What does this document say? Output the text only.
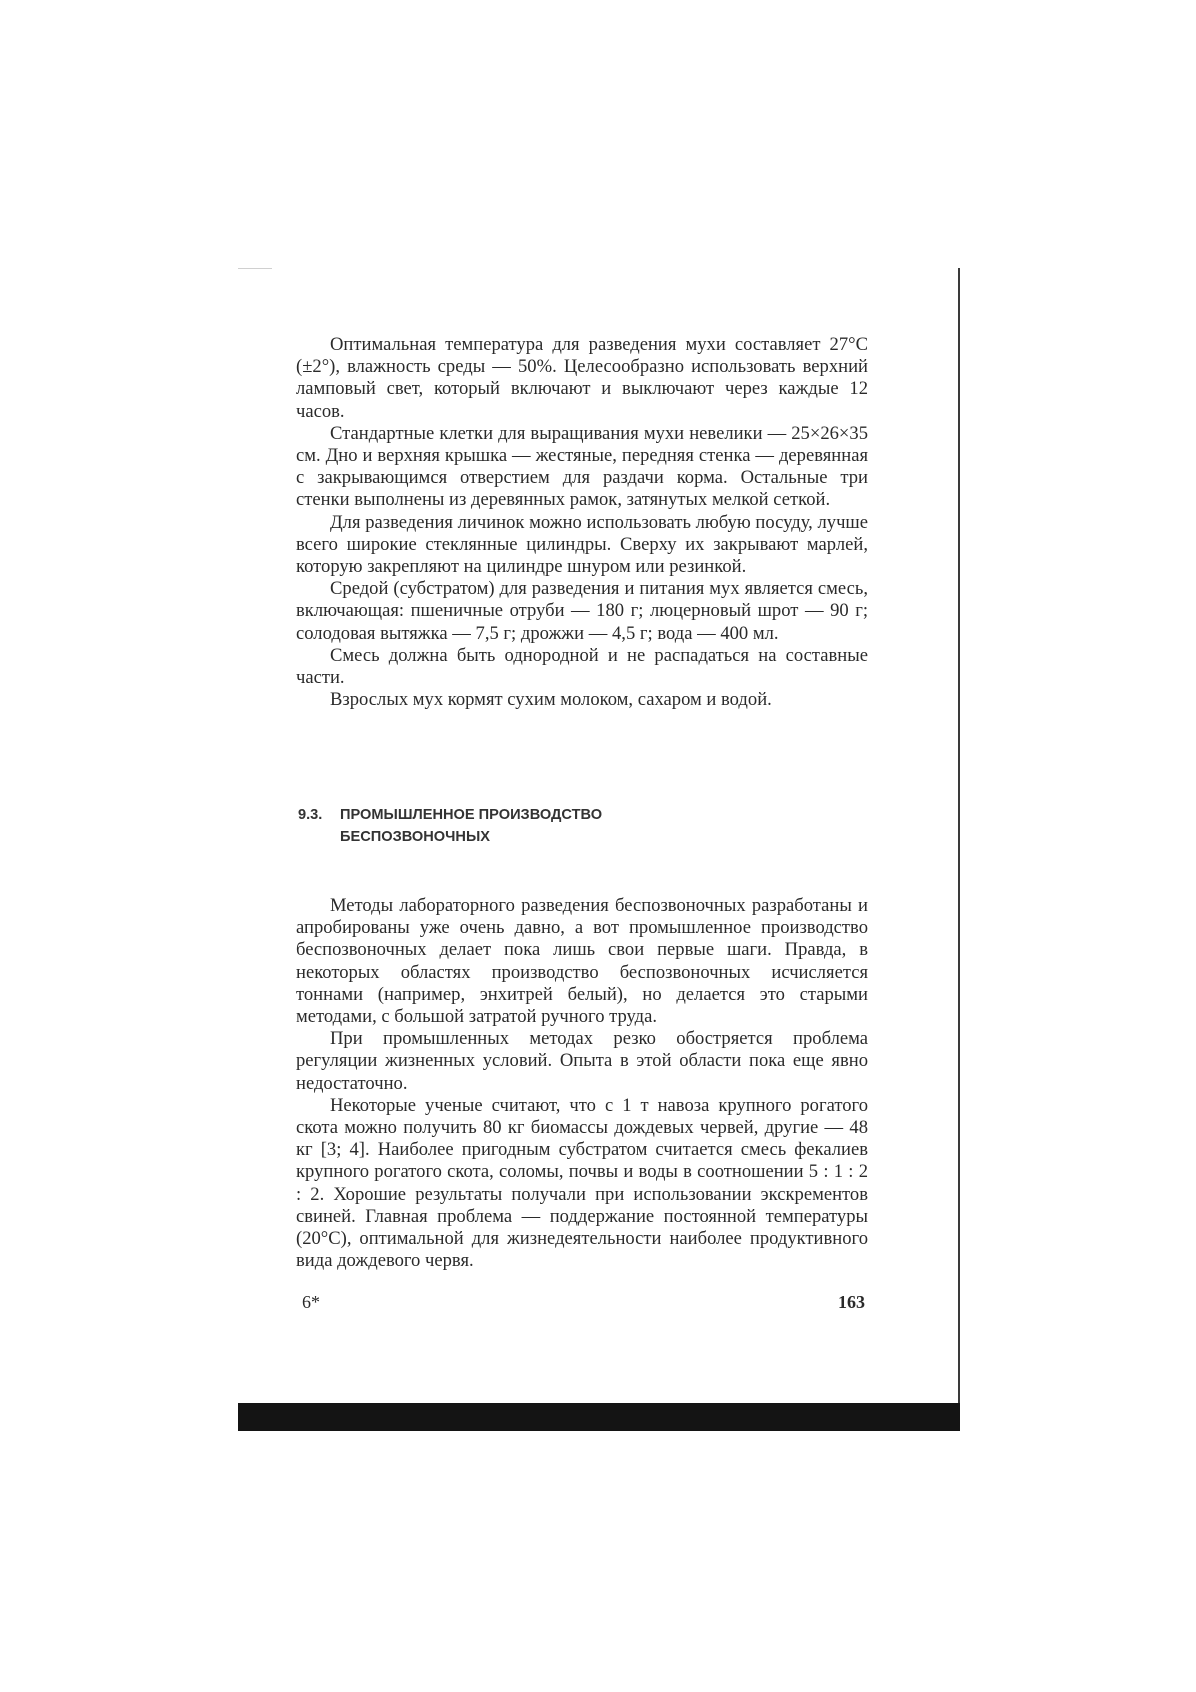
Оптимальная температура для разведения мухи составляет 27°С (±2°), влажность среды — 50%. Целесообразно использовать верхний ламповый свет, который включают и выключают через каждые 12 часов.

Стандартные клетки для выращивания мухи невелики — 25×26×35 см. Дно и верхняя крышка — жестяные, передняя стенка — деревянная с закрывающимся отверстием для раздачи корма. Остальные три стенки выполнены из деревянных рамок, затянутых мелкой сеткой.

Для разведения личинок можно использовать любую посуду, лучше всего широкие стеклянные цилиндры. Сверху их закрывают марлей, которую закрепляют на цилиндре шнуром или резинкой.

Средой (субстратом) для разведения и питания мух является смесь, включающая: пшеничные отруби — 180 г; люцерновый шрот — 90 г; солодовая вытяжка — 7,5 г; дрожжи — 4,5 г; вода — 400 мл.

Смесь должна быть однородной и не распадаться на составные части.

Взрослых мух кормят сухим молоком, сахаром и водой.

9.3. ПРОМЫШЛЕННОЕ ПРОИЗВОДСТВО
БЕСПОЗВОНОЧНЫХ

Методы лабораторного разведения беспозвоночных разработаны и апробированы уже очень давно, а вот промышленное производство беспозвоночных делает пока лишь свои первые шаги. Правда, в некоторых областях производство беспозвоночных исчисляется тоннами (например, энхитрей белый), но делается это старыми методами, с большой затратой ручного труда.

При промышленных методах резко обостряется проблема регуляции жизненных условий. Опыта в этой области пока еще явно недостаточно.

Некоторые ученые считают, что с 1 т навоза крупного рогатого скота можно получить 80 кг биомассы дождевых червей, другие — 48 кг [3; 4]. Наиболее пригодным субстратом считается смесь фекалиев крупного рогатого скота, соломы, почвы и воды в соотношении 5 : 1 : 2 : 2. Хорошие результаты получали при использовании экскрементов свиней. Главная проблема — поддержание постоянной температуры (20°С), оптимальной для жизнедеятельности наиболее продуктивного вида дождевого червя.

6*	163
